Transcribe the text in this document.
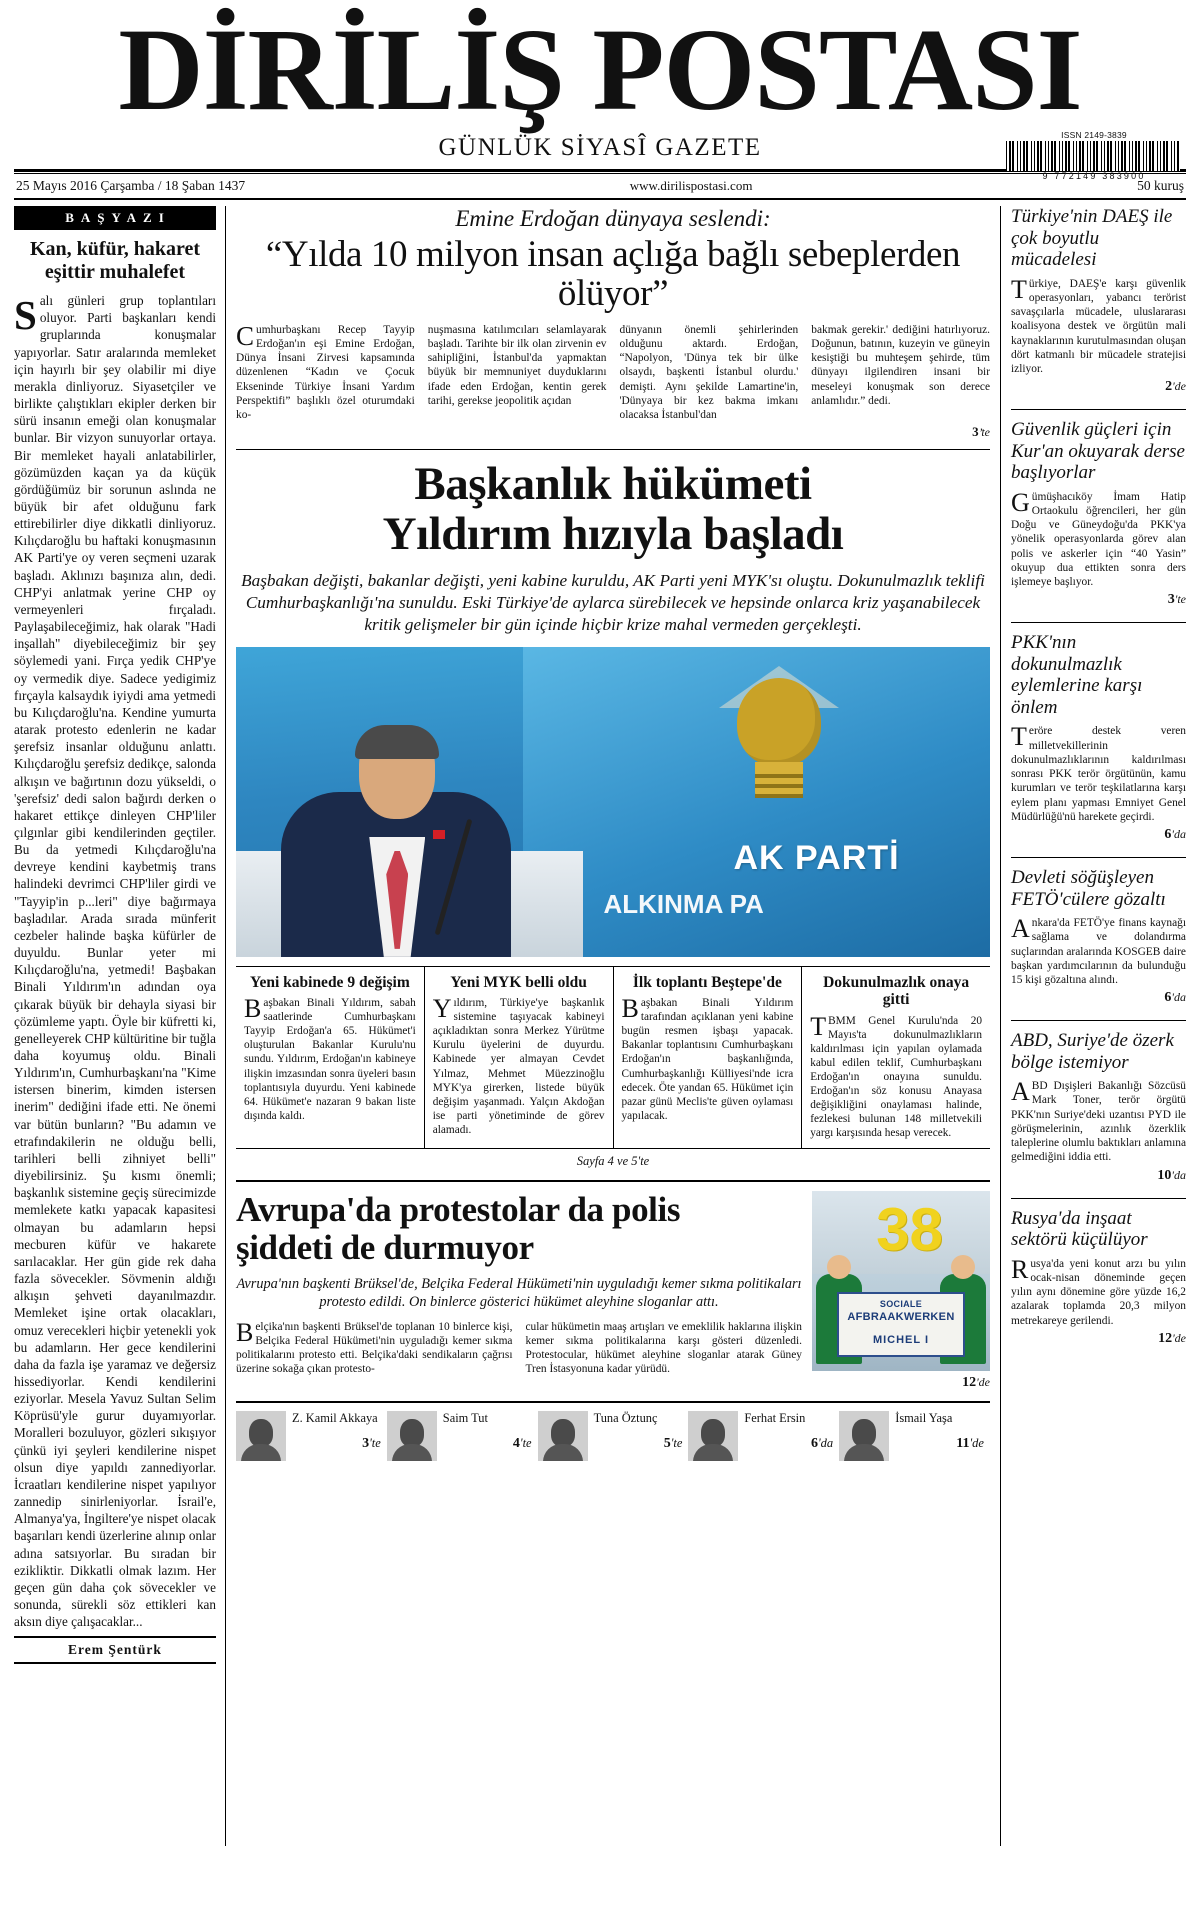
DİRİLİŞ POSTASI
GÜNLÜK SİYASÎ GAZETE	ISSN 2149-3839
9 772149 383900
25 Mayıs 2016 Çarşamba / 18 Şaban 1437	www.dirilispostasi.com	50 kuruş
BAŞYAZI
Kan, küfür, hakaret eşittir muhalefet
Salı günleri grup toplantıları oluyor. Parti başkanları kendi gruplarında konuşmalar yapıyorlar. Satır aralarında memleket için hayırlı bir şey olabilir mi diye merakla dinliyoruz. Siyasetçiler ve birlikte çalıştıkları ekipler derken bir sürü insanın emeği olan konuşmalar bunlar. Bir vizyon sunuyorlar ortaya. Bir memleket hayali anlatabilirler, gözümüzden kaçan ya da küçük gördüğümüz bir sorunun aslında ne büyük bir afet olduğunu fark ettirebilirler diye dikkatli dinliyoruz. Kılıçdaroğlu bu haftaki konuşmasının AK Parti'ye oy veren seçmeni uzarak başladı. Aklınızı başınıza alın, dedi. CHP'yi anlatmak yerine CHP oy vermeyenleri fırçaladı. Paylaşabileceğimiz, hak olarak "Hadi inşallah" diyebileceğimiz bir şey söylemedi yani. Fırça yedik CHP'ye oy vermedik diye. Sadece yedigimiz fırçayla kalsaydık iyiydi ama yetmedi bu Kılıçdaroğlu'na. Kendine yumurta atarak protesto edenlerin ne kadar şerefsiz insanlar olduğunu anlattı. Kılıçdaroğlu şerefsiz dedikçe, salonda alkışın ve bağırtının dozu yükseldi, o 'şerefsiz' dedi salon bağırdı derken o hakaret ettikçe dinleyen CHP'liler çılgınlar gibi kendilerinden geçtiler. Bu da yetmedi Kılıçdaroğlu'na devreye kendini kaybetmiş trans halindeki devrimci CHP'liler girdi ve "Tayyip'in p...leri" diye bağırmaya başladılar. Arada sırada münferit cezbeler halinde başka küfürler de duyuldu. Bunlar yeter mi Kılıçdaroğlu'na, yetmedi! Başbakan Binali Yıldırım'ın adından oya çıkarak büyük bir dehayla siyasi bir çözümleme yaptı. Öyle bir küfretti ki, genelleyerek CHP kültüritine bir tuğla daha koyumuş oldu. Binali Yıldırım'ın, Cumhurbaşkanı'na "Kime istersen binerim, kimden istersen inerim" dediğini ifade etti. Ne önemi var bütün bunların? "Bu adamın ve etrafındakilerin ne olduğu belli, tarihleri belli zihniyet belli" diyebilirsiniz. Şu kısmı önemli; başkanlık sistemine geçiş sürecimizde memlekete katkı yapacak kapasitesi olmayan bu adamların hepsi mecburen küfür ve hakarete sarılacaklar. Her gün gide rek daha fazla sövecekler. Sövmenin aldığı alkışın şehveti dayanılmazdır. Memleket işine ortak olacakları, omuz verecekleri hiçbir yetenekli yok bu adamların. Her gece kendilerini daha da fazla işe yaramaz ve değersiz hissediyorlar. Kendi kendilerini eziyorlar. Mesela Yavuz Sultan Selim Köprüsü'yle gurur duyamıyorlar. Moralleri bozuluyor, gözleri sıkışıyor çünkü iyi şeyleri kendilerine nispet olsun diye yapıldı zannediyorlar. İcraatları kendilerine nispet yapılıyor zannedip sinirleniyorlar. İsrail'e, Almanya'ya, İngiltere'ye nispet olacak başarıları kendi üzerlerine alınıp onlar adına satsıyorlar. Bu sıradan bir ezikliktir. Dikkatli olmak lazım. Her geçen gün daha çok sövecekler ve sonunda, sürekli söz ettikleri kan aksın diye çalışacaklar...
Erem Şentürk
Emine Erdoğan dünyaya seslendi:
“Yılda 10 milyon insan açlığa bağlı sebeplerden ölüyor”

Cumhurbaşkanı Recep Tayyip Erdoğan'ın eşi Emine Erdoğan, Dünya İnsani Zirvesi kapsamında düzenlenen “Kadın ve Çocuk Ekseninde Türkiye İnsani Yardım Perspektifi” başlıklı özel oturumdaki ko-

nuşmasına katılımcıları selamlayarak başladı. Tarihte bir ilk olan zirvenin ev sahipliğini, İstanbul'da yapmaktan büyük bir memnuniyet duyduklarını ifade eden Erdoğan, kentin gerek tarihi, gerekse jeopolitik açıdan

dünyanın önemli şehirlerinden olduğunu aktardı. Erdoğan, “Napolyon, 'Dünya tek bir ülke olsaydı, başkenti İstanbul olurdu.' demişti. Aynı şekilde Lamartine'in, 'Dünyaya bir kez bakma imkanı olacaksa İstanbul'dan

bakmak gerekir.' dediğini hatırlıyoruz. Doğunun, batının, kuzeyin ve güneyin kesiştiği bu muhteşem şehirde, tüm dünyayı ilgilendiren insani bir meseleyi konuşmak son derece anlamlıdır.” dedi.

3’te
Başkanlık hükümeti
Yıldırım hızıyla başladı
Başbakan değişti, bakanlar değişti, yeni kabine kuruldu, AK Parti yeni MYK'sı oluştu. Dokunulmazlık teklifi Cumhurbaşkanlığı'na sunuldu. Eski Türkiye'de aylarca sürebilecek ve hepsinde onlarca kriz yaşanabilecek kritik gelişmeler bir gün içinde hiçbir krize mahal vermeden gerçekleşti.
AK PARTİ
ALKINMA PA
Yeni kabinede 9 değişim

Başbakan Binali Yıldırım, sabah saatlerinde Cumhurbaşkanı Tayyip Erdoğan'a 65. Hükümet'i oluşturulan Bakanlar Kurulu'nu sundu. Yıldırım, Erdoğan'ın kabineye ilişkin imzasından sonra üyeleri basın toplantısıyla duyurdu. Yeni kabinede 64. Hükümet'e nazaran 9 bakan liste dışında kaldı.

Yeni MYK belli oldu

Yıldırım, Türkiye'ye başkanlık sistemine taşıyacak kabineyi açıkladıktan sonra Merkez Yürütme Kurulu üyelerini de duyurdu. Kabinede yer almayan Cevdet Yılmaz, Mehmet Müezzinoğlu MYK'ya girerken, listede büyük değişim yaşanmadı. Yalçın Akdoğan ise parti yönetiminde de görev alamadı.

İlk toplantı Beştepe'de

Başbakan Binali Yıldırım tarafından açıklanan yeni kabine bugün resmen işbaşı yapacak. Bakanlar toplantısını Cumhurbaşkanı Erdoğan'ın başkanlığında, Cumhurbaşkanlığı Külliyesi'nde icra edecek. Öte yandan 65. Hükümet için pazar günü Meclis'te güven oylaması yapılacak.

Dokunulmazlık onaya gitti

TBMM Genel Kurulu'nda 20 Mayıs'ta dokunulmazlıkların kaldırılması için yapılan oylamada kabul edilen teklif, Cumhurbaşkanı Erdoğan'ın onayına sunuldu. Erdoğan'ın söz konusu Anayasa değişikliğini onaylaması halinde, fezlekesi bulunan 148 milletvekili yargı karşısında hesap verecek.

Sayfa 4 ve 5'te
Avrupa'da protestolar da polis
şiddeti de durmuyor
Avrupa'nın başkenti Brüksel'de, Belçika Federal Hükümeti'nin uyguladığı kemer sıkma politikaları protesto edildi. On binlerce gösterici hükümet aleyhine sloganlar attı.

Belçika'nın başkenti Brüksel'de toplanan 10 binlerce kişi, Belçika Federal Hükümeti'nin uyguladığı kemer sıkma politikalarını protesto etti. Belçika'daki sendikaların çağrısı üzerine sokağa çıkan protesto-

cular hükümetin maaş artışları ve emeklilik haklarına ilişkin kemer sıkma politikalarına karşı gösteri düzenledi. Protestocular, hükümet aleyhine sloganlar atarak Güney Tren İstasyonuna kadar yürüdü.

38
SOCIALE
AFBRAAKWERKEN
MICHEL I
12'de
Z. Kamil Akkaya
3'te
Saim Tut
4'te
Tuna Öztunç
5'te
Ferhat Ersin
6'da
İsmail Yaşa
11'de
Türkiye'nin DAEŞ ile çok boyutlu mücadelesi

Türkiye, DAEŞ'e karşı güvenlik operasyonları, yabancı terörist savaşçılarla mücadele, uluslararası koalisyona destek ve örgütün mali kaynaklarının kurutulmasından oluşan dört katmanlı bir mücadele stratejisi izliyor.

2'de
Güvenlik güçleri için Kur'an okuyarak derse başlıyorlar

Gümüşhacıköy İmam Hatip Ortaokulu öğrencileri, her gün Doğu ve Güneydoğu'da PKK'ya yönelik operasyonlarda görev alan polis ve askerler için “40 Yasin” okuyup dua ettikten sonra ders işlemeye başlıyor.

3'te
PKK'nın dokunulmazlık eylemlerine karşı önlem

Teröre destek veren milletvekillerinin dokunulmazlıklarının kaldırılması sonrası PKK terör örgütünün, kamu kurumları ve terör teşkilatlarına karşı eylem planı yapması Emniyet Genel Müdürlüğü'nü harekete geçirdi.

6'da
Devleti söğüşleyen FETÖ'cülere gözaltı

Ankara'da FETÖ'ye finans kaynağı sağlama ve dolandırma suçlarından aralarında KOSGEB daire başkan yardımcılarının da bulunduğu 15 kişi gözaltına alındı.

6'da
ABD, Suriye'de özerk bölge istemiyor

ABD Dışişleri Bakanlığı Sözcüsü Mark Toner, terör örgütü PKK'nın Suriye'deki uzantısı PYD ile görüşmelerinin, azınlık özerklik taleplerine olumlu baktıkları anlamına gelmediğini iddia etti.

10'da
Rusya'da inşaat sektörü küçülüyor

Rusya'da yeni konut arzı bu yılın ocak-nisan döneminde geçen yılın aynı dönemine göre yüzde 16,2 azalarak toplamda 20,3 milyon metrekareye gerilendi.

12'de
